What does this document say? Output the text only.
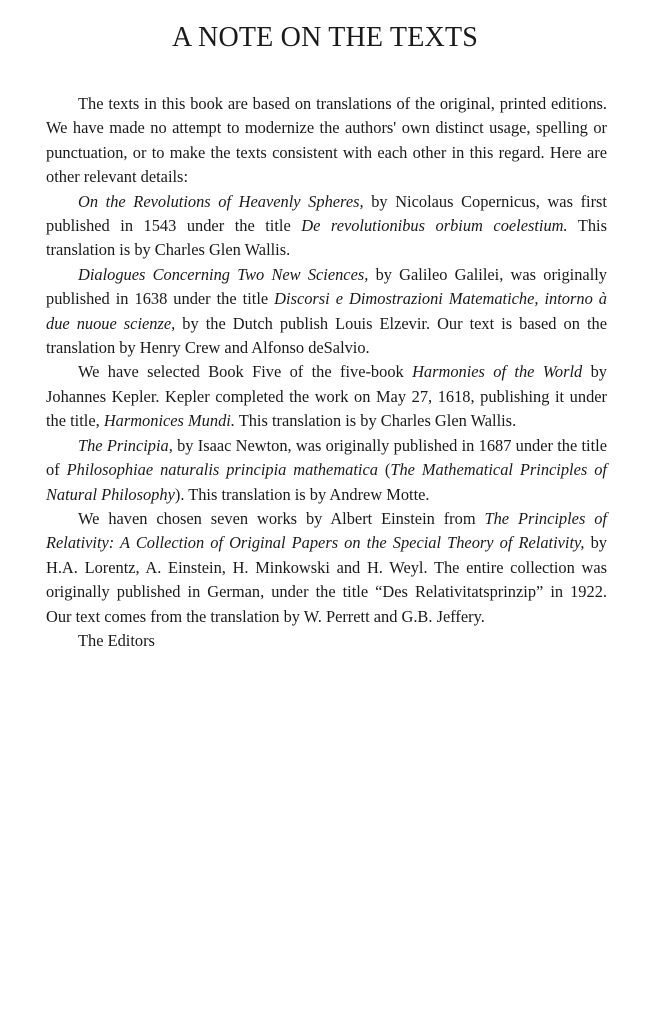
A NOTE ON THE TEXTS

The texts in this book are based on translations of the original, printed editions. We have made no attempt to modernize the authors' own distinct usage, spelling or punctuation, or to make the texts consistent with each other in this regard. Here are other relevant details:

On the Revolutions of Heavenly Spheres, by Nicolaus Copernicus, was first published in 1543 under the title De revolutionibus orbium coelestium. This translation is by Charles Glen Wallis.

Dialogues Concerning Two New Sciences, by Galileo Galilei, was originally published in 1638 under the title Discorsi e Dimostrazioni Matematiche, intorno à due nuoue scienze, by the Dutch publish Louis Elzevir. Our text is based on the translation by Henry Crew and Alfonso deSalvio.

We have selected Book Five of the five-book Harmonies of the World by Johannes Kepler. Kepler completed the work on May 27, 1618, publishing it under the title, Harmonices Mundi. This translation is by Charles Glen Wallis.

The Principia, by Isaac Newton, was originally published in 1687 under the title of Philosophiae naturalis principia mathematica (The Mathematical Principles of Natural Philosophy). This translation is by Andrew Motte.

We haven chosen seven works by Albert Einstein from The Principles of Relativity: A Collection of Original Papers on the Special Theory of Relativity, by H.A. Lorentz, A. Einstein, H. Minkowski and H. Weyl. The entire collection was originally published in German, under the title “Des Relativitatsprinzip” in 1922. Our text comes from the translation by W. Perrett and G.B. Jeffery.

The Editors
